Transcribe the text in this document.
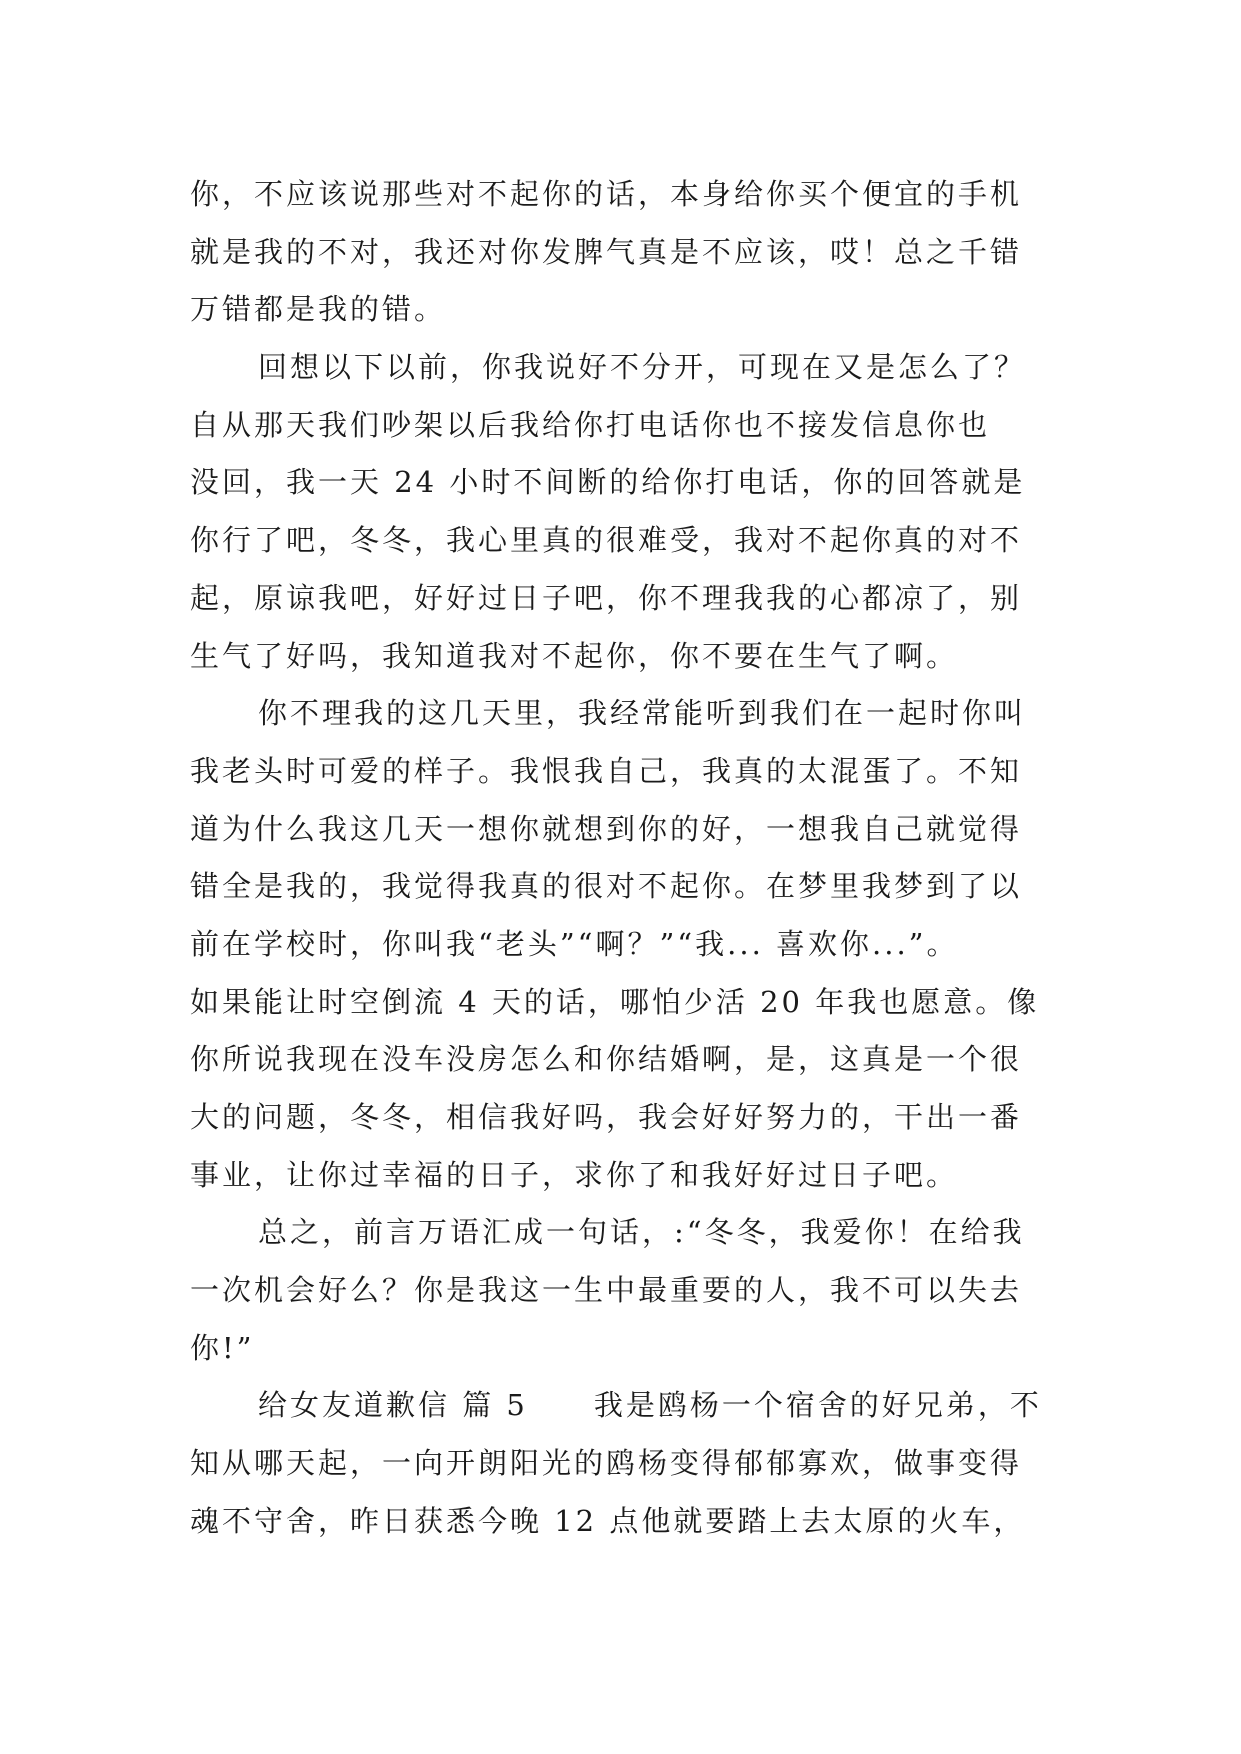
你，不应该说那些对不起你的话，本身给你买个便宜的手机
就是我的不对，我还对你发脾气真是不应该，哎！总之千错
万错都是我的错。
回想以下以前，你我说好不分开，可现在又是怎么了？
自从那天我们吵架以后我给你打电话你也不接发信息你也
没回，我一天 24 小时不间断的给你打电话，你的回答就是
你行了吧，冬冬，我心里真的很难受，我对不起你真的对不
起，原谅我吧，好好过日子吧，你不理我我的心都凉了，别
生气了好吗，我知道我对不起你，你不要在生气了啊。
你不理我的这几天里，我经常能听到我们在一起时你叫
我老头时可爱的样子。我恨我自己，我真的太混蛋了。不知
道为什么我这几天一想你就想到你的好，一想我自己就觉得
错全是我的，我觉得我真的很对不起你。在梦里我梦到了以
前在学校时，你叫我“老头”“啊？”“我... 喜欢你...”。
如果能让时空倒流 4 天的话，哪怕少活 20 年我也愿意。像
你所说我现在没车没房怎么和你结婚啊，是，这真是一个很
大的问题，冬冬，相信我好吗，我会好好努力的，干出一番
事业，让你过幸福的日子，求你了和我好好过日子吧。
总之，前言万语汇成一句话，:“冬冬，我爱你！在给我
一次机会好么？你是我这一生中最重要的人，我不可以失去
你!”
给女友道歉信 篇 5 我是鸥杨一个宿舍的好兄弟，不
知从哪天起，一向开朗阳光的鸥杨变得郁郁寡欢，做事变得
魂不守舍，昨日获悉今晚 12 点他就要踏上去太原的火车，
